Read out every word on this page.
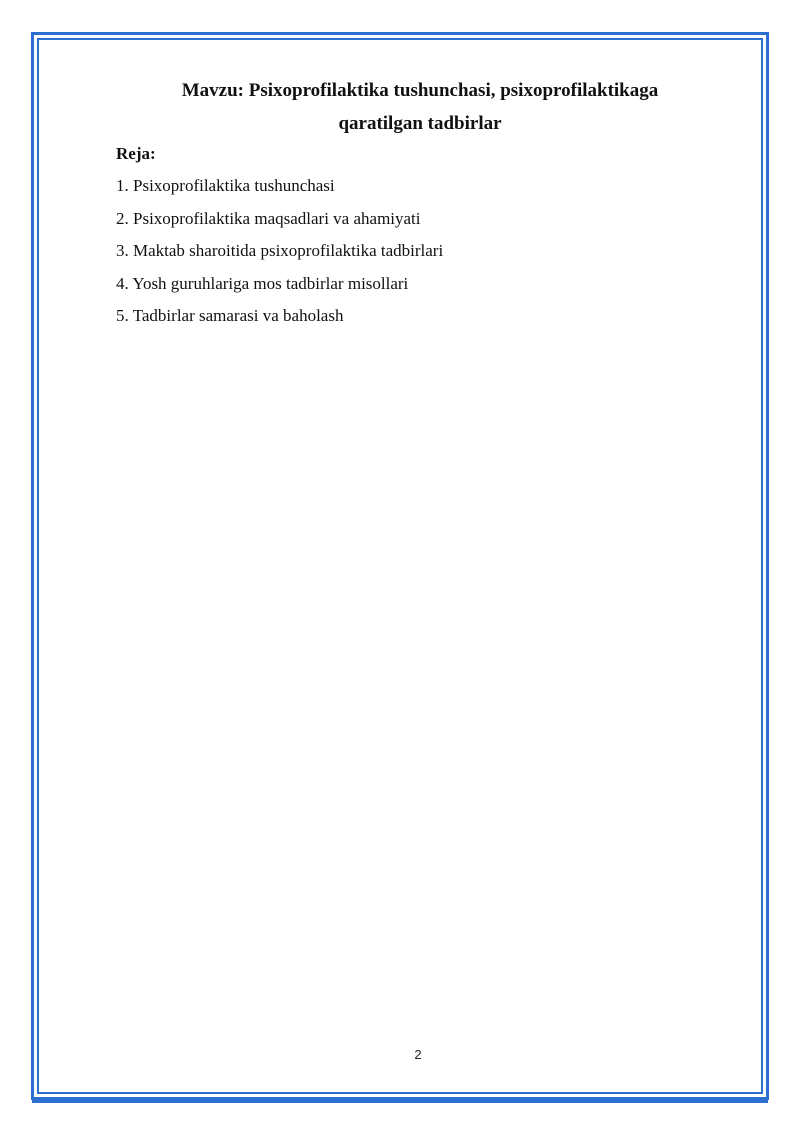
Mavzu: Psixoprofilaktika tushunchasi, psixoprofilaktikaga
qaratilgan tadbirlar
Reja:
1. Psixoprofilaktika tushunchasi
2. Psixoprofilaktika maqsadlari va ahamiyati
3. Maktab sharoitida psixoprofilaktika tadbirlari
4. Yosh guruhlariga mos tadbirlar misollari
5. Tadbirlar samarasi va baholash
2
